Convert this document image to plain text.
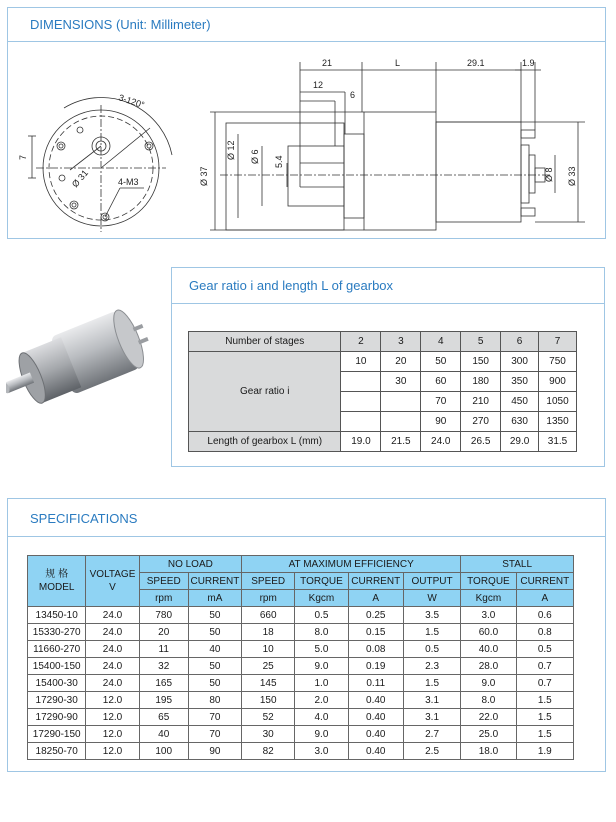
DIMENSIONS (Unit: Millimeter)
3-120°
7
Ø 31	4-M3
21	L	29.1	1.9
12
6
Ø 37
Ø 12 Ø 6 5.4
Ø 8 Ø 33
Gear ratio i and length L of gearbox
Number of stages	2	3	4	5	6	7
Gear ratio i	10	20	50	150	300	750
		30	60	180	350	900
			70	210	450	1050
			90	270	630	1350
Length of gearbox L (mm)	19.0	21.5	24.0	26.5	29.0	31.5
SPECIFICATIONS
规 格
MODEL	VOLTAGE
V	NO LOAD		AT MAXIMUM EFFICIENCY				STALL	
		SPEED	CURRENT	SPEED	TORQUE	CURRENT	OUTPUT	TORQUE	CURRENT
		rpm	mA	rpm	Kgcm	A	W	Kgcm	A
13450-10	24.0	780	50	660	0.5	0.25	3.5	3.0	0.6
15330-270	24.0	20	50	18	8.0	0.15	1.5	60.0	0.8
11660-270	24.0	11	40	10	5.0	0.08	0.5	40.0	0.5
15400-150	24.0	32	50	25	9.0	0.19	2.3	28.0	0.7
15400-30	24.0	165	50	145	1.0	0.11	1.5	9.0	0.7
17290-30	12.0	195	80	150	2.0	0.40	3.1	8.0	1.5
17290-90	12.0	65	70	52	4.0	0.40	3.1	22.0	1.5
17290-150	12.0	40	70	30	9.0	0.40	2.7	25.0	1.5
18250-70	12.0	100	90	82	3.0	0.40	2.5	18.0	1.9
